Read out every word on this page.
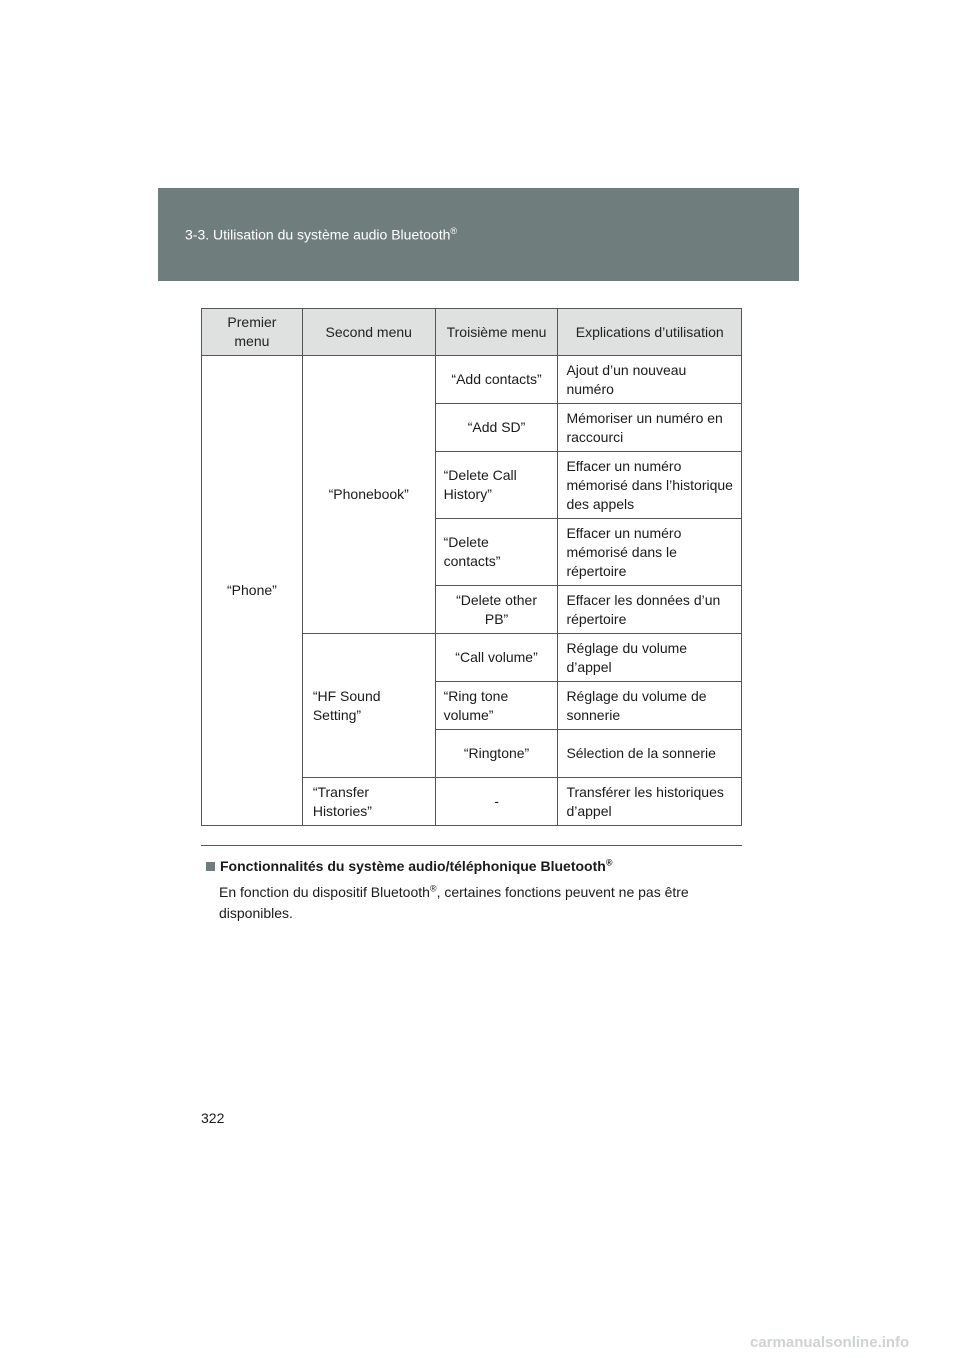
3-3. Utilisation du système audio Bluetooth®
Premier menu	Second menu	Troisième menu	Explications d’utilisation
“Phone”	“Phonebook”	“Add contacts”	Ajout d’un nouveau numéro
		“Add SD”	Mémoriser un numéro en raccourci
		“Delete Call History”	Effacer un numéro mémorisé dans l’historique des appels
		“Delete contacts”	Effacer un numéro mémorisé dans le répertoire
		“Delete other PB”	Effacer les données d’un répertoire
	“HF Sound Setting”	“Call volume”	Réglage du volume d’appel
		“Ring tone volume”	Réglage du volume de sonnerie
		“Ringtone”	Sélection de la sonnerie
	“Transfer Histories”	-	Transférer les historiques d’appel
Fonctionnalités du système audio/téléphonique Bluetooth®
En fonction du dispositif Bluetooth®, certaines fonctions peuvent ne pas être disponibles.
322
carmanualsonline.info
